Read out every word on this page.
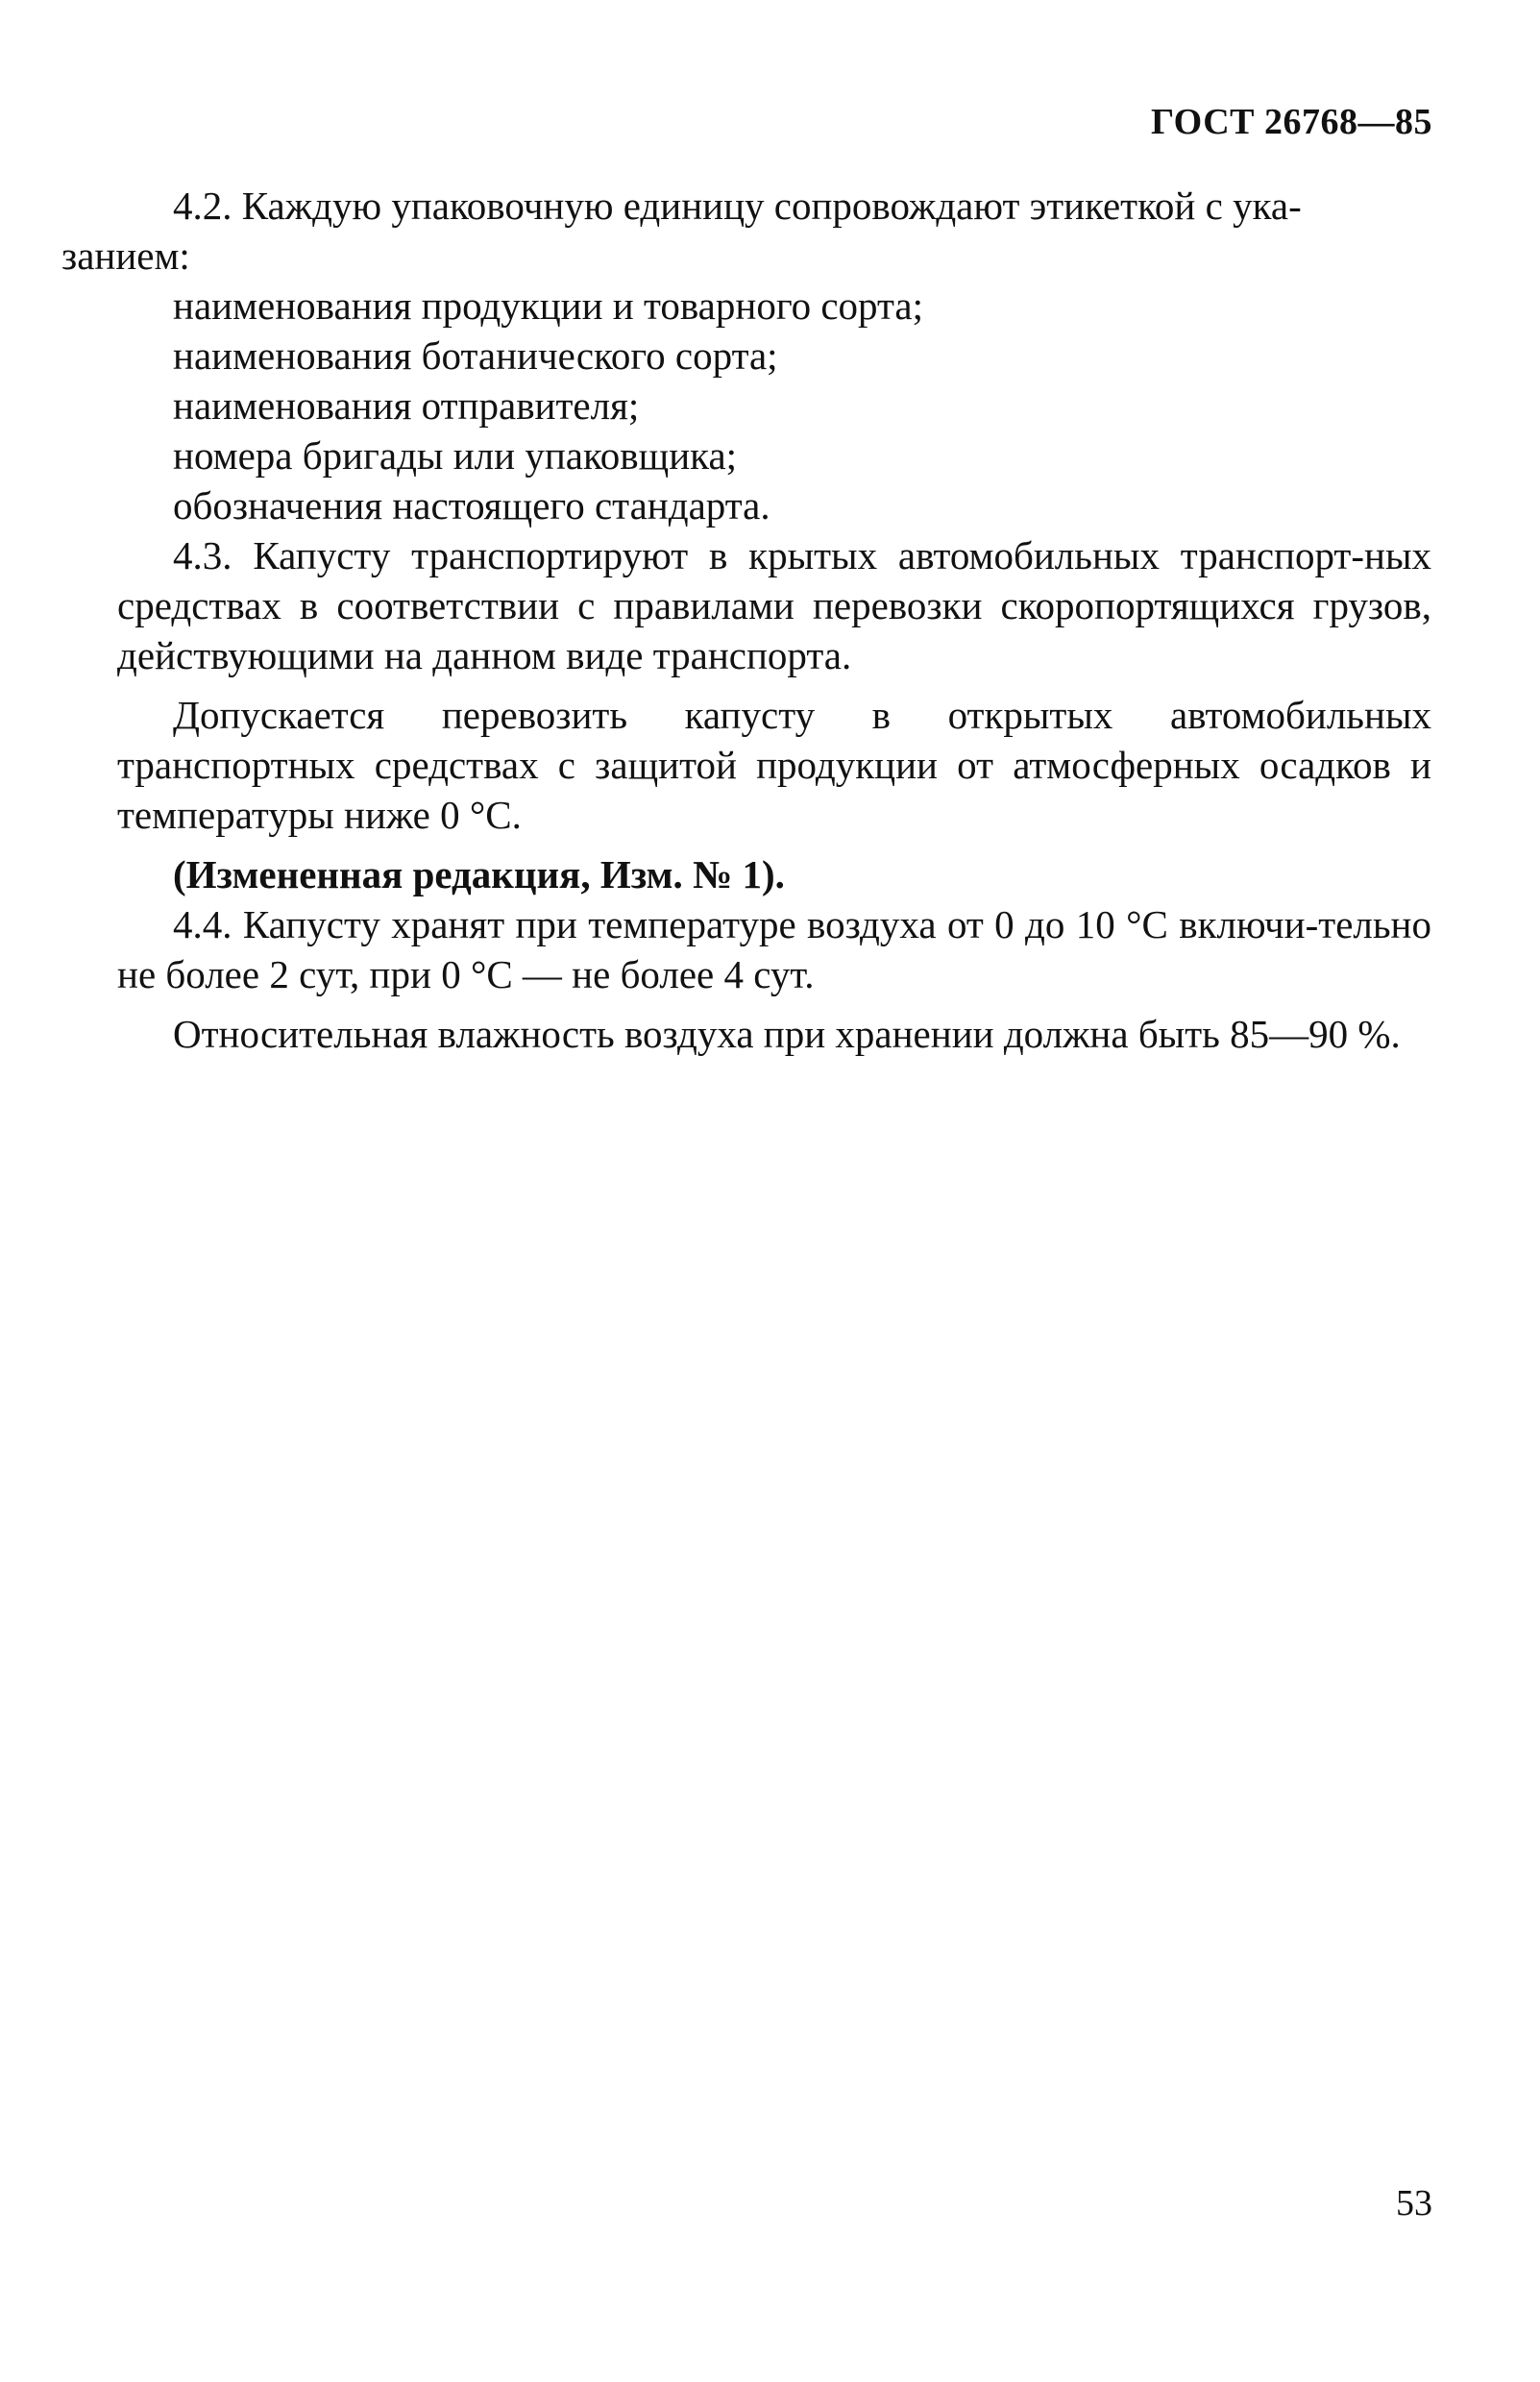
ГОСТ 26768—85

4.2. Каждую упаковочную единицу сопровождают этикеткой с ука-
занием:

наименования продукции и товарного сорта;

наименования ботанического сорта;

наименования отправителя;

номера бригады или упаковщика;

обозначения настоящего стандарта.

4.3. Капусту транспортируют в крытых автомобильных транспорт-ных средствах в соответствии с правилами перевозки скоропортящихся грузов, действующими на данном виде транспорта.

Допускается перевозить капусту в открытых автомобильных транспортных средствах с защитой продукции от атмосферных осадков и температуры ниже 0 °С.

(Измененная редакция, Изм. № 1).

4.4. Капусту хранят при температуре воздуха от 0 до 10 °С включи-тельно не более 2 сут, при 0 °С — не более 4 сут.

Относительная влажность воздуха при хранении должна быть 85—90 %.

53
